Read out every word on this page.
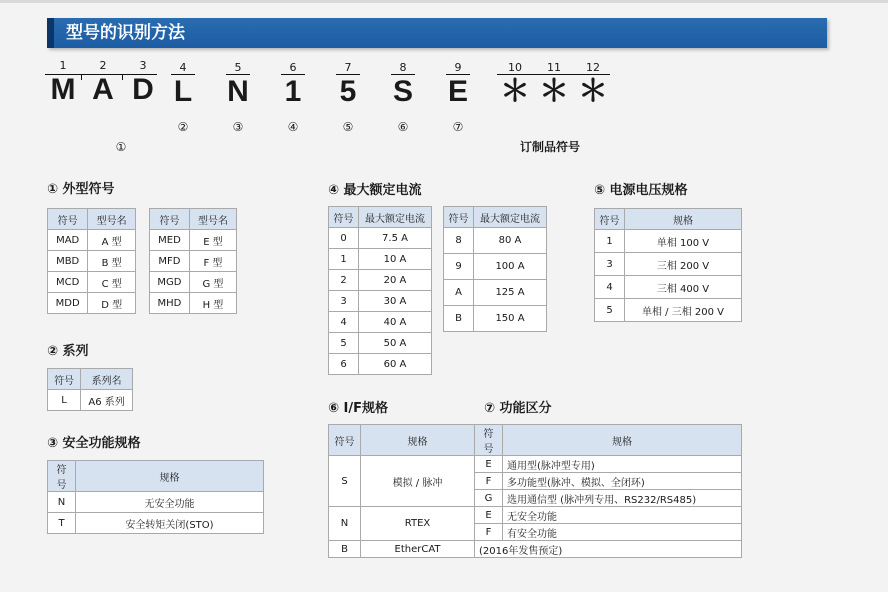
型号的识别方法
1
M
2
A
3
D
4
L
②
5
N
③
6
1
④
7
5
⑤
8
S
⑥
9
E
⑦
10
＊
11
＊
12
＊
①	订制品符号
① 外型符号
符号	型号名
MAD	A 型
MBD	B 型
MCD	C 型
MDD	D 型
符号	型号名
MED	E 型
MFD	F 型
MGD	G 型
MHD	H 型
② 系列
符号	系列名
L	A6 系列
③ 安全功能规格
符号	规格
N	无安全功能
T	安全转矩关闭(STO)
④ 最大额定电流
符号	最大额定电流
0	7.5 A
1	10 A
2	20 A
3	30 A
4	40 A
5	50 A
6	60 A
符号	最大额定电流
8	80 A
9	100 A
A	125 A
B	150 A
⑤ 电源电压规格
符号	规格
1	单相 100 V
3	三相 200 V
4	三相 400 V
5	单相 / 三相 200 V
⑥ I/F规格	⑦ 功能区分
符号	规格	符号	规格
S	模拟 / 脉冲	E	通用型(脉冲型专用)
		F	多功能型(脉冲、模拟、全闭环)
		G	选用通信型 (脉冲列专用、RS232/RS485)
N	RTEX	E	无安全功能
		F	有安全功能
B	EtherCAT	(2016年发售预定)	
